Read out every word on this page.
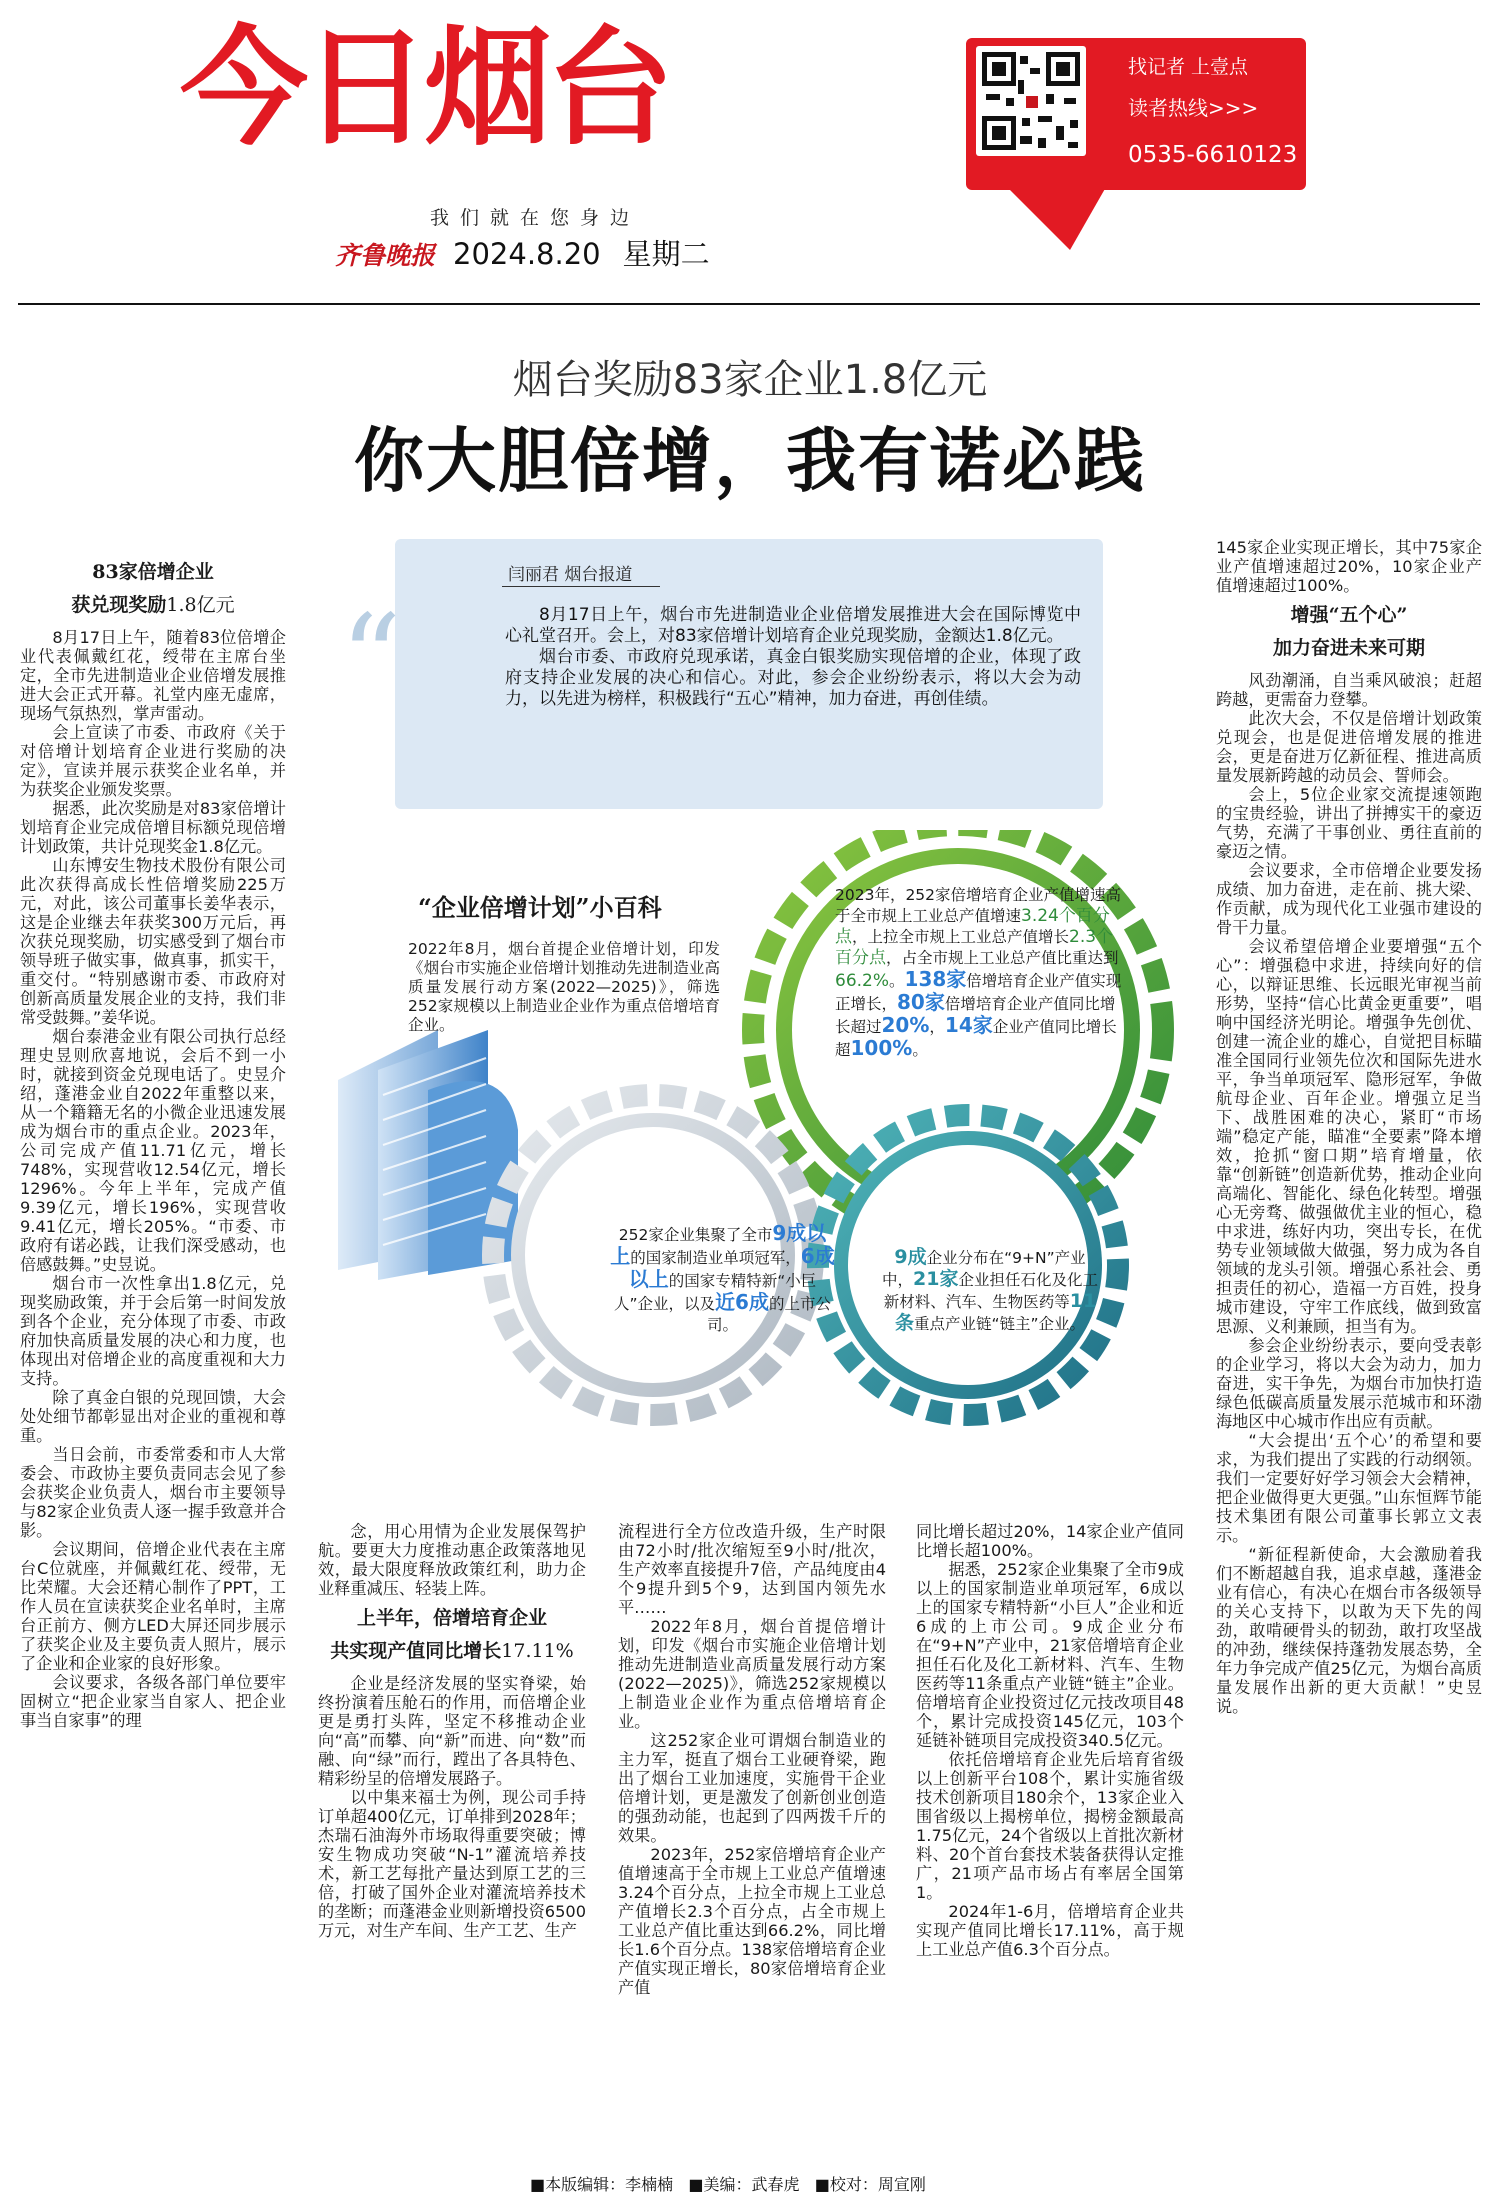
今日烟台	找记者 上壹点
读者热线>>>
0535-6610123
我们就在您身边
齐鲁晚报 2024.8.20 星期二
烟台奖励83家企业1.8亿元
你大胆倍增，我有诺必践
“
闫丽君 烟台报道

8月17日上午，烟台市先进制造业企业倍增发展推进大会在国际博览中心礼堂召开。会上，对83家倍增计划培育企业兑现奖励，金额达1.8亿元。

烟台市委、市政府兑现承诺，真金白银奖励实现倍增的企业，体现了政府支持企业发展的决心和信心。对此，参会企业纷纷表示，将以大会为动力，以先进为榜样，积极践行“五心”精神，加力奋进，再创佳绩。

83家倍增企业
获兑现奖励1.8亿元

8月17日上午，随着83位倍增企业代表佩戴红花，绶带在主席台坐定，全市先进制造业企业倍增发展推进大会正式开幕。礼堂内座无虚席，现场气氛热烈，掌声雷动。

会上宣读了市委、市政府《关于对倍增计划培育企业进行奖励的决定》，宣读并展示获奖企业名单，并为获奖企业颁发奖票。

据悉，此次奖励是对83家倍增计划培育企业完成倍增目标额兑现倍增计划政策，共计兑现奖金1.8亿元。

山东博安生物技术股份有限公司此次获得高成长性倍增奖励225万元，对此，该公司董事长姜华表示，这是企业继去年获奖300万元后，再次获兑现奖励，切实感受到了烟台市领导班子做实事，做真事，抓实干，重交付。“特别感谢市委、市政府对创新高质量发展企业的支持，我们非常受鼓舞。”姜华说。

烟台泰港金业有限公司执行总经理史昱则欣喜地说，会后不到一小时，就接到资金兑现电话了。史昱介绍，蓬港金业自2022年重整以来，从一个籍籍无名的小微企业迅速发展成为烟台市的重点企业。2023年，公司完成产值11.71亿元，增长748%，实现营收12.54亿元，增长1296%。今年上半年，完成产值9.39亿元，增长196%，实现营收9.41亿元，增长205%。“市委、市政府有诺必践，让我们深受感动，也倍感鼓舞。”史昱说。

烟台市一次性拿出1.8亿元，兑现奖励政策，并于会后第一时间发放到各个企业，充分体现了市委、市政府加快高质量发展的决心和力度，也体现出对倍增企业的高度重视和大力支持。

除了真金白银的兑现回馈，大会处处细节都彰显出对企业的重视和尊重。

当日会前，市委常委和市人大常委会、市政协主要负责同志会见了参会获奖企业负责人，烟台市主要领导与82家企业负责人逐一握手致意并合影。

会议期间，倍增企业代表在主席台C位就座，并佩戴红花、绶带，无比荣耀。大会还精心制作了PPT，工作人员在宣读获奖企业名单时，主席台正前方、侧方LED大屏还同步展示了获奖企业及主要负责人照片，展示了企业和企业家的良好形象。

会议要求，各级各部门单位要牢固树立“把企业家当自家人、把企业事当自家事”的理

念，用心用情为企业发展保驾护航。要更大力度推动惠企政策落地见效，最大限度释放政策红利，助力企业释重减压、轻装上阵。

上半年，倍增培育企业
共实现产值同比增长17.11%

企业是经济发展的坚实脊梁，始终扮演着压舱石的作用，而倍增企业更是勇打头阵，坚定不移推动企业向“高”而攀、向“新”而进、向“数”而融、向“绿”而行，蹚出了各具特色、精彩纷呈的倍增发展路子。

以中集来福士为例，现公司手持订单超400亿元，订单排到2028年；杰瑞石油海外市场取得重要突破；博安生物成功突破“N-1”灌流培养技术，新工艺每批产量达到原工艺的三倍，打破了国外企业对灌流培养技术的垄断；而蓬港金业则新增投资6500万元，对生产车间、生产工艺、生产

流程进行全方位改造升级，生产时限由72小时/批次缩短至9小时/批次，生产效率直接提升7倍，产品纯度由4个9提升到5个9，达到国内领先水平……

2022年8月，烟台首提倍增计划，印发《烟台市实施企业倍增计划推动先进制造业高质量发展行动方案(2022—2025)》，筛选252家规模以上制造业企业作为重点倍增培育企业。

这252家企业可谓烟台制造业的主力军，挺直了烟台工业硬脊梁，跑出了烟台工业加速度，实施骨干企业倍增计划，更是激发了创新创业创造的强劲动能，也起到了四两拨千斤的效果。

2023年，252家倍增培育企业产值增速高于全市规上工业总产值增速3.24个百分点，上拉全市规上工业总产值增长2.3个百分点，占全市规上工业总产值比重达到66.2%，同比增长1.6个百分点。138家倍增培育企业产值实现正增长，80家倍增培育企业产值

同比增长超过20%，14家企业产值同比增长超100%。

据悉，252家企业集聚了全市9成以上的国家制造业单项冠军，6成以上的国家专精特新“小巨人”企业和近6成的上市公司。9成企业分布在“9+N”产业中，21家倍增培育企业担任石化及化工新材料、汽车、生物医药等11条重点产业链“链主”企业。倍增培育企业投资过亿元技改项目48个，累计完成投资145亿元，103个延链补链项目完成投资340.5亿元。

依托倍增培育企业先后培育省级以上创新平台108个，累计实施省级技术创新项目180余个，13家企业入围省级以上揭榜单位，揭榜金额最高1.75亿元，24个省级以上首批次新材料、20个首台套技术装备获得认定推广，21项产品市场占有率居全国第1。

2024年1-6月，倍增培育企业共实现产值同比增长17.11%，高于规上工业总产值6.3个百分点。

145家企业实现正增长，其中75家企业产值增速超过20%，10家企业产值增速超过100%。

增强“五个心”
加力奋进未来可期

风劲潮涌，自当乘风破浪；赶超跨越，更需奋力登攀。

此次大会，不仅是倍增计划政策兑现会，也是促进倍增发展的推进会，更是奋进万亿新征程、推进高质量发展新跨越的动员会、誓师会。

会上，5位企业家交流提速领跑的宝贵经验，讲出了拼搏实干的豪迈气势，充满了干事创业、勇往直前的豪迈之情。

会议要求，全市倍增企业要发扬成绩、加力奋进，走在前、挑大梁、作贡献，成为现代化工业强市建设的骨干力量。

会议希望倍增企业要增强“五个心”：增强稳中求进，持续向好的信心，以辩证思维、长远眼光审视当前形势，坚持“信心比黄金更重要”，唱响中国经济光明论。增强争先创优、创建一流企业的雄心，自觉把目标瞄准全国同行业领先位次和国际先进水平，争当单项冠军、隐形冠军，争做航母企业、百年企业。增强立足当下、战胜困难的决心，紧盯“市场端”稳定产能，瞄准“全要素”降本增效，抢抓“窗口期”培育增量，依靠“创新链”创造新优势，推动企业向高端化、智能化、绿色化转型。增强心无旁骛、做强做优主业的恒心，稳中求进，练好内功，突出专长，在优势专业领域做大做强，努力成为各自领域的龙头引领。增强心系社会、勇担责任的初心，造福一方百姓，投身城市建设，守牢工作底线，做到致富思源、义利兼顾，担当有为。

参会企业纷纷表示，要向受表彰的企业学习，将以大会为动力，加力奋进，实干争先，为烟台市加快打造绿色低碳高质量发展示范城市和环渤海地区中心城市作出应有贡献。

“大会提出‘五个心’的希望和要求，为我们提出了实践的行动纲领。我们一定要好好学习领会大会精神，把企业做得更大更强。”山东恒辉节能技术集团有限公司董事长郭立文表示。

“新征程新使命，大会激励着我们不断超越自我，追求卓越，蓬港金业有信心，有决心在烟台市各级领导的关心支持下，以敢为天下先的闯劲，敢啃硬骨头的韧劲，敢打攻坚战的冲劲，继续保持蓬勃发展态势，全年力争完成产值25亿元，为烟台高质量发展作出新的更大贡献！”史昱说。

“企业倍增计划”小百科
2022年8月，烟台首提企业倍增计划，印发《烟台市实施企业倍增计划推动先进制造业高质量发展行动方案(2022—2025)》，筛选252家规模以上制造业企业作为重点倍增培育企业。
2023年，252家倍增培育企业产值增速高于全市规上工业总产值增速3.24个百分点，上拉全市规上工业总产值增长2.3个百分点，占全市规上工业总产值比重达到66.2%。138家倍增培育企业产值实现正增长，80家倍增培育企业产值同比增长超过20%，14家企业产值同比增长超100%。
252家企业集聚了全市9成以上的国家制造业单项冠军，6成以上的国家专精特新“小巨人”企业，以及近6成的上市公司。
9成企业分布在“9+N”产业中，21家企业担任石化及化工新材料、汽车、生物医药等11条重点产业链“链主”企业。
■本版编辑：李楠楠 ■美编：武春虎 ■校对：周宣刚
